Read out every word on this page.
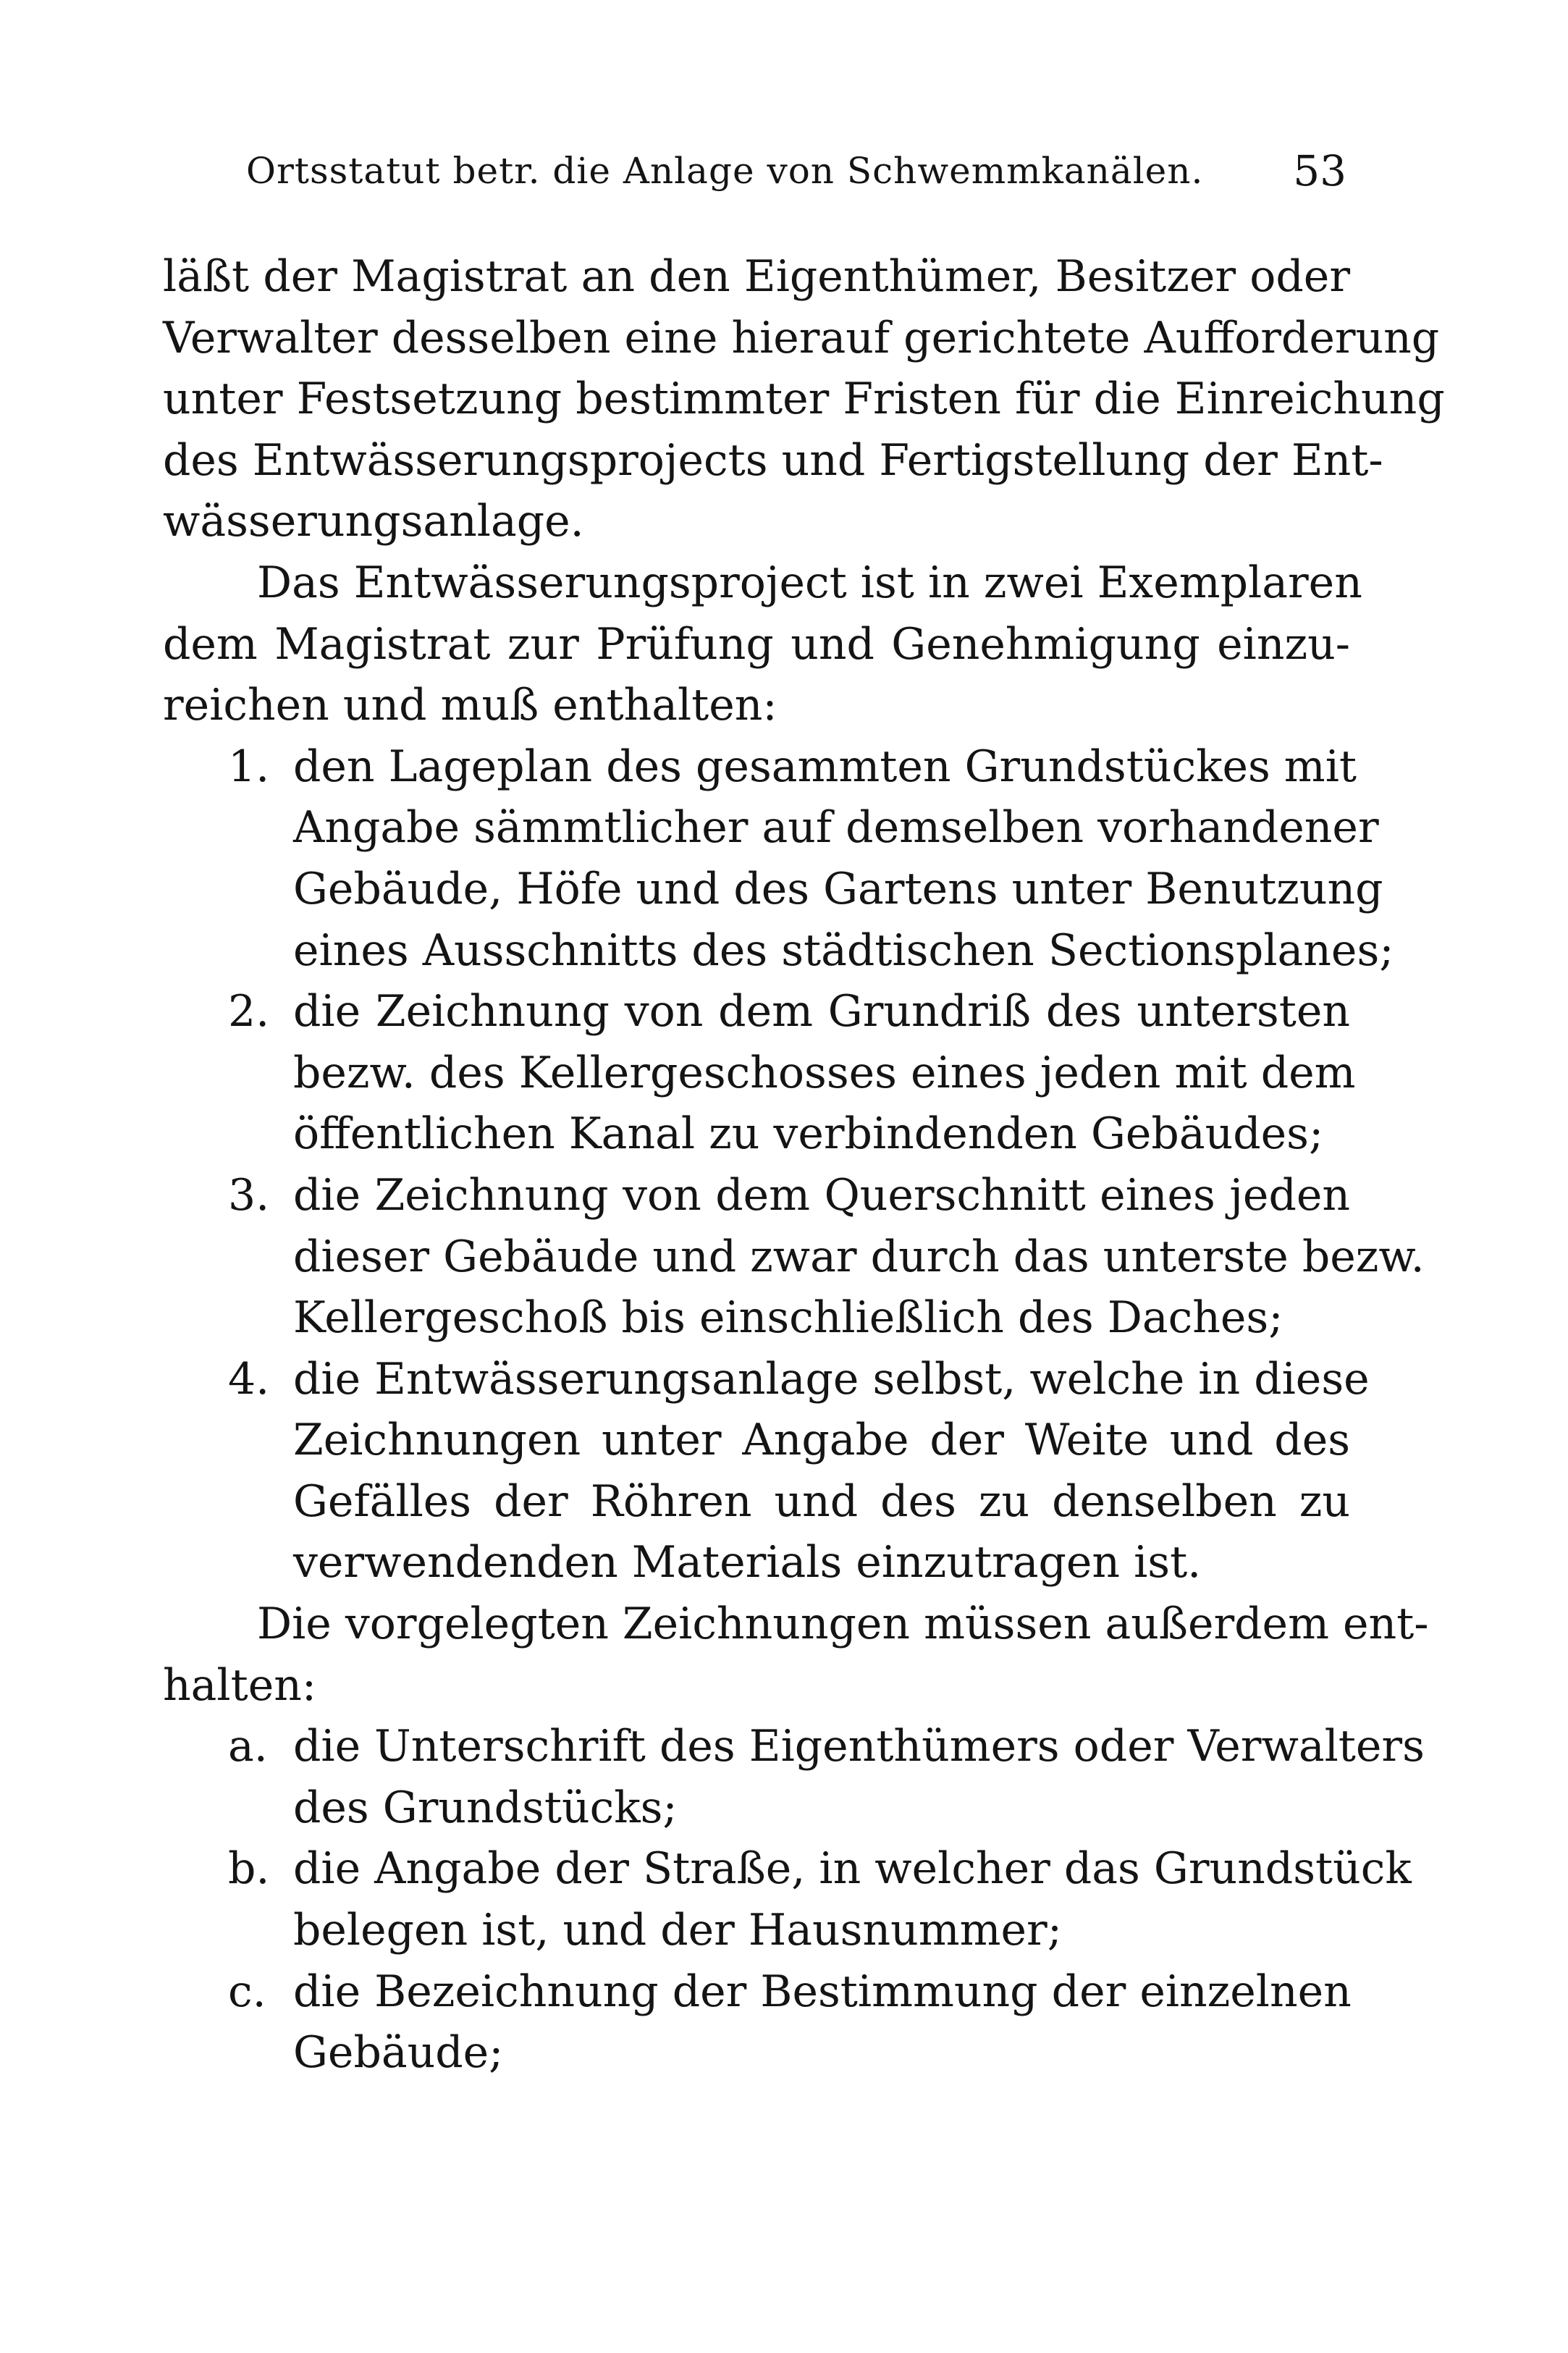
Ortsstatut betr. die Anlage von Schwemmkanälen. 53
läßt der Magistrat an den Eigenthümer, Besitzer oder
Verwalter desselben eine hierauf gerichtete Aufforderung
unter Festsetzung bestimmter Fristen für die Einreichung
des Entwässerungsprojects und Fertigstellung der Ent-
wässerungsanlage.
Das Entwässerungsproject ist in zwei Exemplaren
dem Magistrat zur Prüfung und Genehmigung einzu-
reichen und muß enthalten:
1. den Lageplan des gesammten Grundstückes mit
Angabe sämmtlicher auf demselben vorhandener
Gebäude, Höfe und des Gartens unter Benutzung
eines Ausschnitts des städtischen Sectionsplanes;
2. die Zeichnung von dem Grundriß des untersten
bezw. des Kellergeschosses eines jeden mit dem
öffentlichen Kanal zu verbindenden Gebäudes;
3. die Zeichnung von dem Querschnitt eines jeden
dieser Gebäude und zwar durch das unterste bezw.
Kellergeschoß bis einschließlich des Daches;
4. die Entwässerungsanlage selbst, welche in diese
Zeichnungen unter Angabe der Weite und des
Gefälles der Röhren und des zu denselben zu
verwendenden Materials einzutragen ist.
Die vorgelegten Zeichnungen müssen außerdem ent-
halten:
a. die Unterschrift des Eigenthümers oder Verwalters
des Grundstücks;
b. die Angabe der Straße, in welcher das Grundstück
belegen ist, und der Hausnummer;
c. die Bezeichnung der Bestimmung der einzelnen
Gebäude;
